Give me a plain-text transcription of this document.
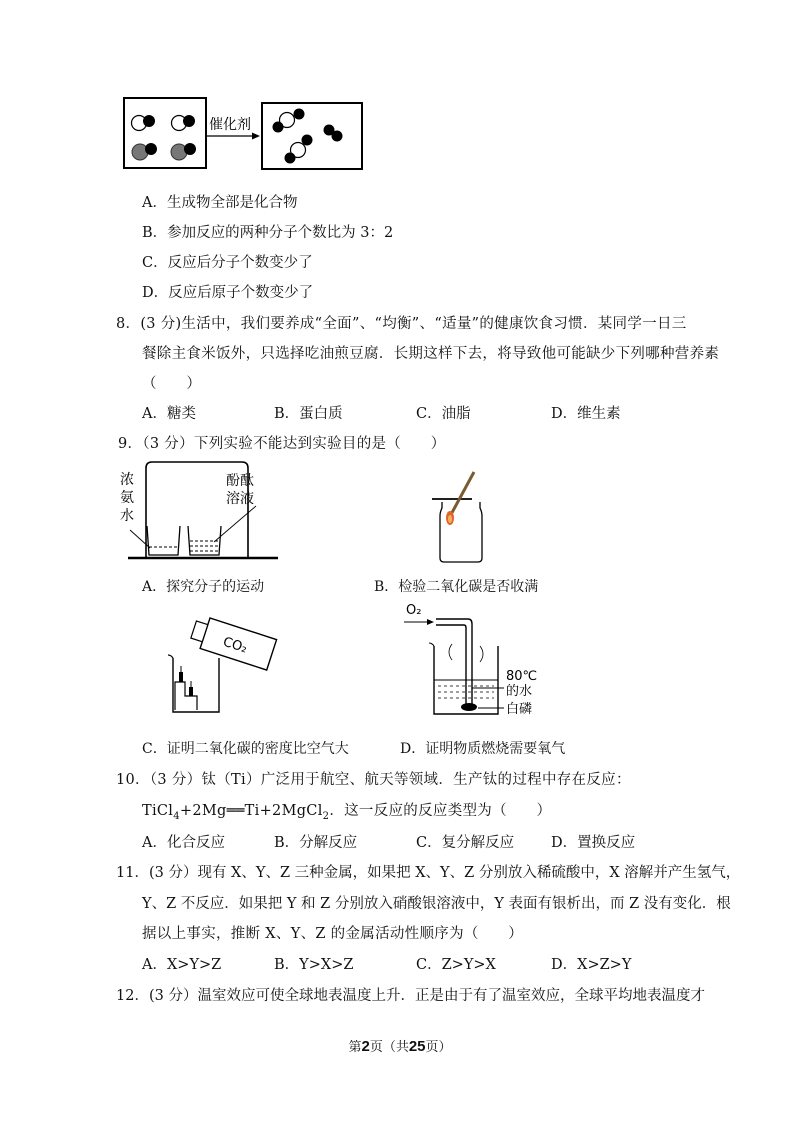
催化剂
A．生成物全部是化合物
B．参加反应的两种分子个数比为 3：2
C．反应后分子个数变少了
D．反应后原子个数变少了
8．(3 分)生活中，我们要养成“全面”、“均衡”、“适量”的健康饮食习惯．某同学一日三
餐除主食米饭外，只选择吃油煎豆腐．长期这样下去，将导致他可能缺少下列哪种营养素
（　　）
A．糖类	B．蛋白质	C．油脂	D．维生素
9．（3 分）下列实验不能达到实验目的是（　　）
浓
氨
水
酚酞
溶液
A．探究分子的运动	B．检验二氧化碳是否收满
CO₂
O₂
80℃
的水
白磷
C．证明二氧化碳的密度比空气大	D．证明物质燃烧需要氧气
10．（3 分）钛（Ti）广泛用于航空、航天等领域．生产钛的过程中存在反应：
TiCl$_4$+2Mg══Ti+2MgCl$_2$．这一反应的反应类型为（　　）
A．化合反应	B．分解反应	C．复分解反应	D．置换反应
11．(3 分）现有 X、Y、Z 三种金属，如果把 X、Y、Z 分别放入稀硫酸中，X 溶解并产生氢气，
Y、Z 不反应．如果把 Y 和 Z 分别放入硝酸银溶液中，Y 表面有银析出，而 Z 没有变化．根
据以上事实，推断 X、Y、Z 的金属活动性顺序为（　　）
A．X>Y>Z	B．Y>X>Z	C．Z>Y>X	D．X>Z>Y
12．(3 分）温室效应可使全球地表温度上升．正是由于有了温室效应，全球平均地表温度才
第2页（共25页）
